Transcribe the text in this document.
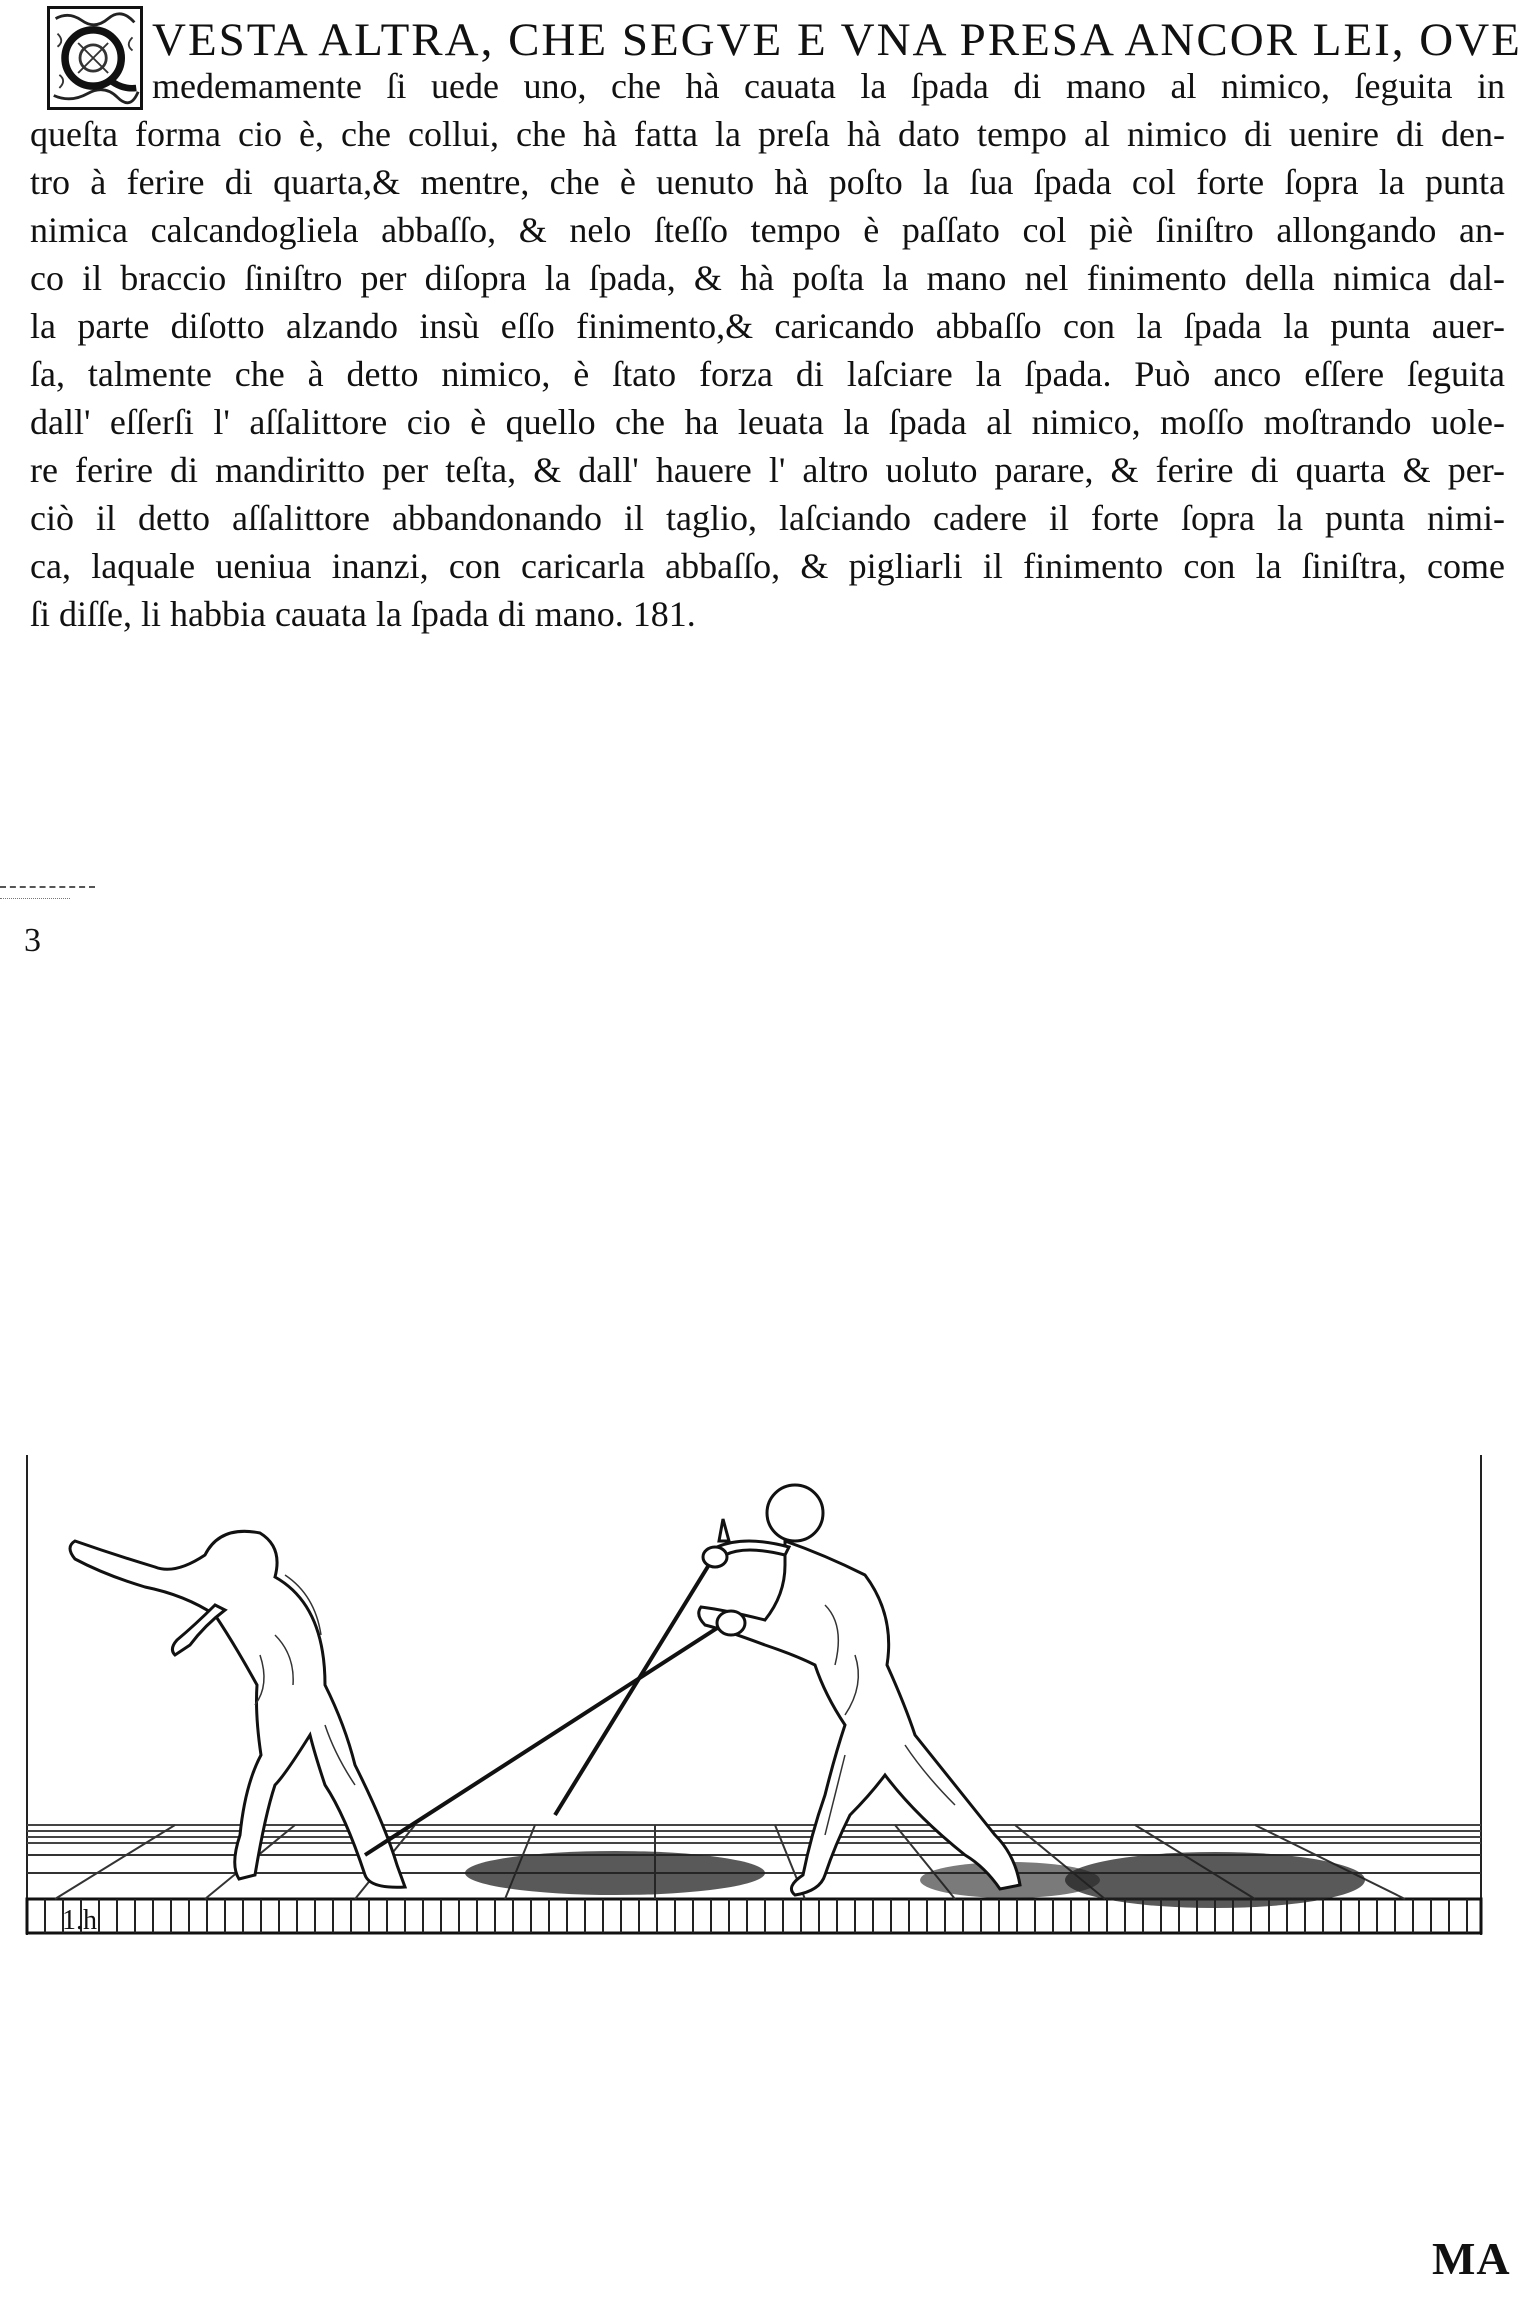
VESTA ALTRA, CHE SEGVE E VNA PRESA ANCOR LEI, OVE
medemamente ſi uede uno, che hà cauata la ſpada di mano al nimico, ſeguita in
queſta forma cio è, che collui, che hà fatta la preſa hà dato tempo al nimico di uenire di den-
tro à ferire di quarta,& mentre, che è uenuto hà poſto la ſua ſpada col forte ſopra la punta
nimica calcandogliela abbaſſo, & nelo ſteſſo tempo è paſſato col piè ſiniſtro allongando an-
co il braccio ſiniſtro per diſopra la ſpada, & hà poſta la mano nel finimento della nimica dal-
la parte diſotto alzando insù eſſo finimento,& caricando abbaſſo con la ſpada la punta auer-
ſa, talmente che à detto nimico, è ſtato forza di laſciare la ſpada. Può anco eſſere ſeguita
dall' eſſerſi l' aſſalittore cio è quello che ha leuata la ſpada al nimico, moſſo moſtrando uole-
re ferire di mandiritto per teſta, & dall' hauere l' altro uoluto parare, & ferire di quarta & per-
ciò il detto aſſalittore abbandonando il taglio, laſciando cadere il forte ſopra la punta nimi-
ca, laquale ueniua inanzi, con caricarla abbaſſo, & pigliarli il finimento con la ſiniſtra, come
ſi diſſe, li habbia cauata la ſpada di mano. 181.
3
1.h
MA
